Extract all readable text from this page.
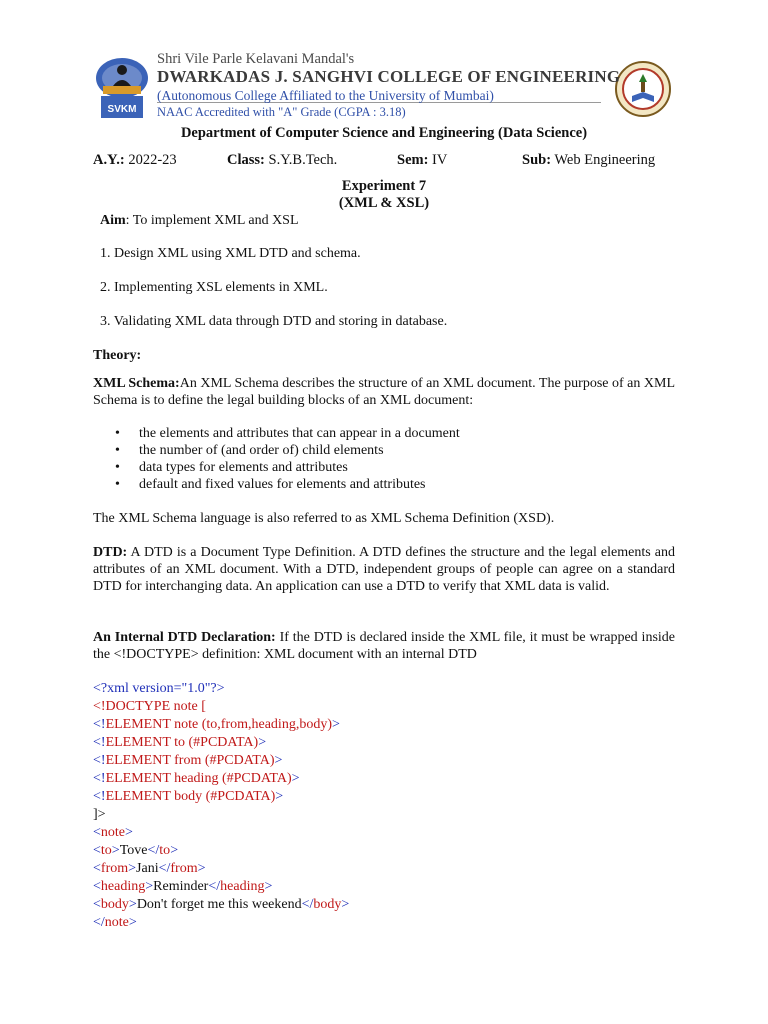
SVKM
Shri Vile Parle Kelavani Mandal's
DWARKADAS J. SANGHVI COLLEGE OF ENGINEERING
(Autonomous College Affiliated to the University of Mumbai)
NAAC Accredited with "A" Grade (CGPA : 3.18)
Department of Computer Science and Engineering (Data Science)
A.Y.: 2022-23	Class: S.Y.B.Tech.	Sem: IV	Sub: Web Engineering
Experiment 7
(XML & XSL)
Aim: To implement XML and XSL
1. Design XML using XML DTD and schema.
2. Implementing XSL elements in XML.
3. Validating XML data through DTD and storing in database.
Theory:
XML Schema:An XML Schema describes the structure of an XML document. The purpose of an XML Schema is to define the legal building blocks of an XML document:
• the elements and attributes that can appear in a document
• the number of (and order of) child elements
• data types for elements and attributes
• default and fixed values for elements and attributes
The XML Schema language is also referred to as XML Schema Definition (XSD).
DTD: A DTD is a Document Type Definition. A DTD defines the structure and the legal elements and attributes of an XML document. With a DTD, independent groups of people can agree on a standard DTD for interchanging data. An application can use a DTD to verify that XML data is valid.
An Internal DTD Declaration: If the DTD is declared inside the XML file, it must be wrapped inside the <!DOCTYPE> definition: XML document with an internal DTD
<?xml version="1.0"?>
<!DOCTYPE note [
<!ELEMENT note (to,from,heading,body)>
<!ELEMENT to (#PCDATA)>
<!ELEMENT from (#PCDATA)>
<!ELEMENT heading (#PCDATA)>
<!ELEMENT body (#PCDATA)>
]>
<note>
<to>Tove</to>
<from>Jani</from>
<heading>Reminder</heading>
<body>Don't forget me this weekend</body>
</note>
